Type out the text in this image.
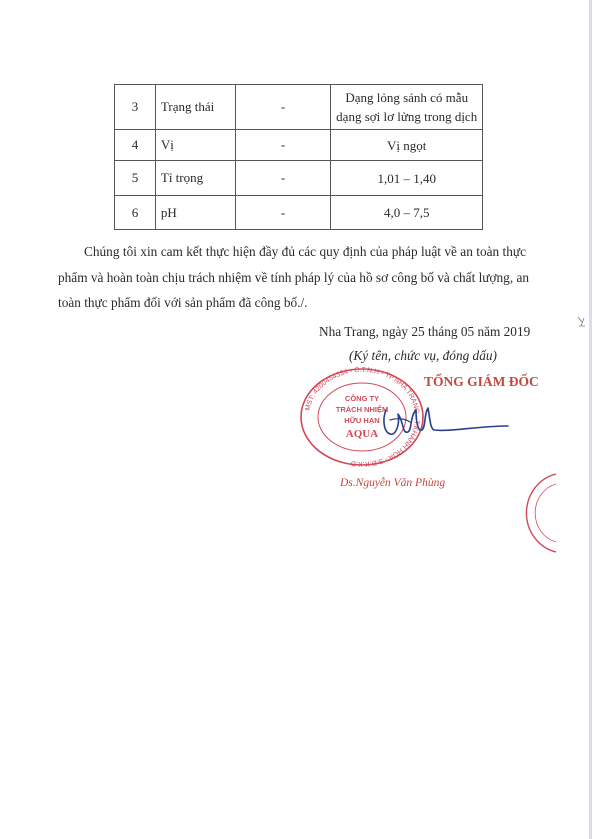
3	Trạng thái	-	Dạng lỏng sánh có mẫu
dạng sợi lơ lửng trong dịch

4	Vị	-	Vị ngọt
5	Tỉ trọng	-	1,01 – 1,40
6	pH	-	4,0 – 7,5
Chúng tôi xin cam kết thực hiện đầy đủ các quy định của pháp luật về an toàn thực
phẩm và hoàn toàn chịu trách nhiệm về tính pháp lý của hồ sơ công bố và chất lượng, an
toàn thực phẩm đối với sản phẩm đã công bố./.
Nha Trang, ngày 25 tháng 05 năm 2019
(Ký tên, chức vụ, đóng dấu)
TỔNG GIÁM ĐỐC
MST: 4200454334 - C.T.N.H - TP.NHA TRANG - T.KHÁNH HÒA - S.Đ.K.K.D
CÔNG TY
TRÁCH NHIỆM
HỮU HẠN
AQUA
Ds.Nguyễn Văn Phùng
